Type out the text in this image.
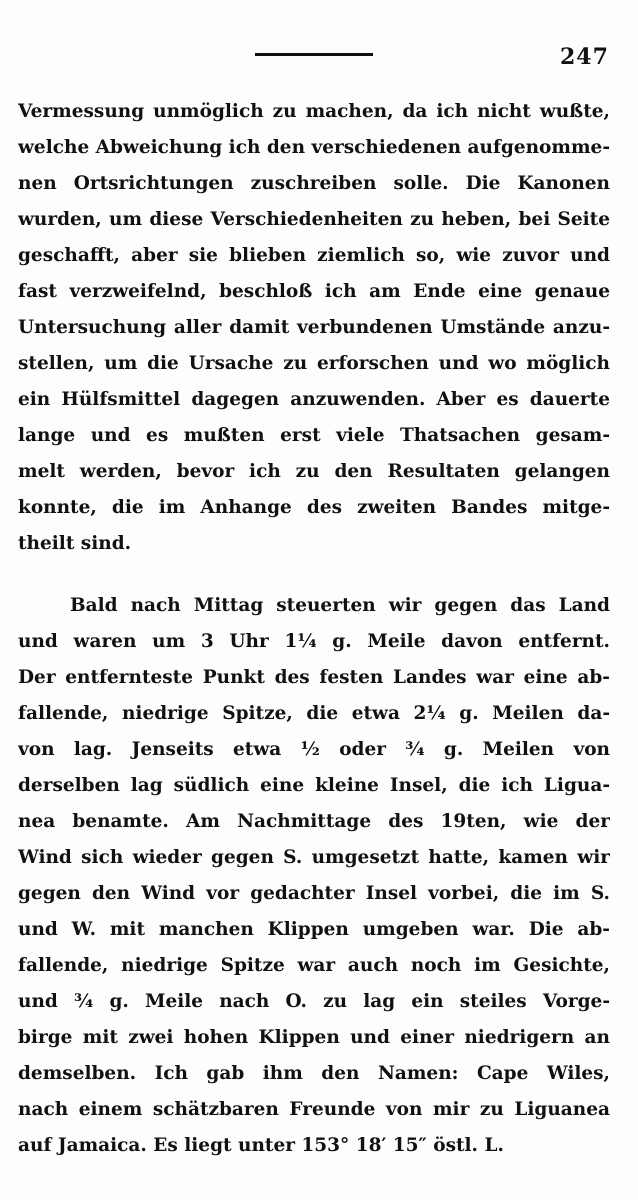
247
Vermessung unmöglich zu machen, da ich nicht wußte,
welche Abweichung ich den verschiedenen aufgenomme-
nen Ortsrichtungen zuschreiben solle. Die Kanonen
wurden, um diese Verschiedenheiten zu heben, bei Seite
geschafft, aber sie blieben ziemlich so, wie zuvor und
fast verzweifelnd, beschloß ich am Ende eine genaue
Untersuchung aller damit verbundenen Umstände anzu-
stellen, um die Ursache zu erforschen und wo möglich
ein Hülfsmittel dagegen anzuwenden. Aber es dauerte
lange und es mußten erst viele Thatsachen gesam-
melt werden, bevor ich zu den Resultaten gelangen
konnte, die im Anhange des zweiten Bandes mitge-
theilt sind.
Bald nach Mittag steuerten wir gegen das Land
und waren um 3 Uhr 1¼ g. Meile davon entfernt.
Der entfernteste Punkt des festen Landes war eine ab-
fallende, niedrige Spitze, die etwa 2¼ g. Meilen da-
von lag. Jenseits etwa ½ oder ¾ g. Meilen von
derselben lag südlich eine kleine Insel, die ich Ligua-
nea benamte. Am Nachmittage des 19ten, wie der
Wind sich wieder gegen S. umgesetzt hatte, kamen wir
gegen den Wind vor gedachter Insel vorbei, die im S.
und W. mit manchen Klippen umgeben war. Die ab-
fallende, niedrige Spitze war auch noch im Gesichte,
und ¾ g. Meile nach O. zu lag ein steiles Vorge-
birge mit zwei hohen Klippen und einer niedrigern an
demselben. Ich gab ihm den Namen: Cape Wiles,
nach einem schätzbaren Freunde von mir zu Liguanea
auf Jamaica. Es liegt unter 153° 18′ 15″ östl. L.
